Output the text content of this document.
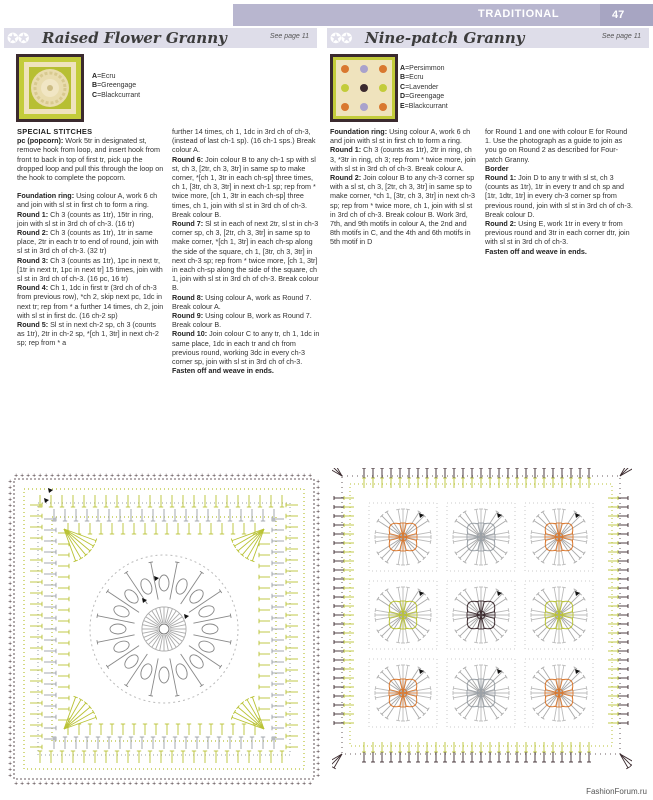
TRADITIONAL	47
✪✪ Raised Flower Granny	See page 11 ✪✪ Nine-patch Granny	See page 11
A=Ecru
B=Greengage
C=Blackcurrant
A=Persimmon
B=Ecru
C=Lavender
D=Greengage
E=Blackcurrant

SPECIAL STITCHES

pc (popcorn): Work 5tr in designated st, remove hook from loop, and insert hook from front to back in top of first tr, pick up the dropped loop and pull this through the loop on the hook to complete the popcorn.

Foundation ring: Using colour A, work 6 ch and join with sl st in first ch to form a ring.

Round 1: Ch 3 (counts as 1tr), 15tr in ring, join with sl st in 3rd ch of ch-3. (16 tr)

Round 2: Ch 3 (counts as 1tr), 1tr in same place, 2tr in each tr to end of round, join with sl st in 3rd ch of ch-3. (32 tr)

Round 3: Ch 3 (counts as 1tr), 1pc in next tr, [1tr in next tr, 1pc in next tr] 15 times, join with sl st in 3rd ch of ch-3. (16 pc, 16 tr)

Round 4: Ch 1, 1dc in first tr (3rd ch of ch-3 from previous row), *ch 2, skip next pc, 1dc in next tr; rep from * a further 14 times, ch 2, join with sl st in first dc. (16 ch-2 sp)

Round 5: Sl st in next ch-2 sp, ch 3 (counts as 1tr), 2tr in ch-2 sp, *[ch 1, 3tr] in next ch-2 sp; rep from * a

further 14 times, ch 1, 1dc in 3rd ch of ch-3, (instead of last ch-1 sp). (16 ch-1 sps.) Break colour A.

Round 6: Join colour B to any ch-1 sp with sl st, ch 3, [2tr, ch 3, 3tr] in same sp to make corner, *[ch 1, 3tr in each ch-sp] three times, ch 1, [3tr, ch 3, 3tr] in next ch-1 sp; rep from * twice more, [ch 1, 3tr in each ch-sp] three times, ch 1, join with sl st in 3rd ch of ch-3. Break colour B.

Round 7: Sl st in each of next 2tr, sl st in ch-3 corner sp, ch 3, [2tr, ch 3, 3tr] in same sp to make corner, *[ch 1, 3tr] in each ch-sp along the side of the square, ch 1, [3tr, ch 3, 3tr] in next ch-3 sp; rep from * twice more, [ch 1, 3tr] in each ch-sp along the side of the square, ch 1, join with sl st in 3rd ch of ch-3. Break colour B.

Round 8: Using colour A, work as Round 7. Break colour A.

Round 9: Using colour B, work as Round 7. Break colour B.

Round 10: Join colour C to any tr, ch 1, 1dc in same place, 1dc in each tr and ch from previous round, working 3dc in every ch-3 corner sp, join with sl st in 3rd ch of ch-3.

Fasten off and weave in ends.

Foundation ring: Using colour A, work 6 ch and join with sl st in first ch to form a ring.

Round 1: Ch 3 (counts as 1tr), 2tr in ring, ch 3, *3tr in ring, ch 3; rep from * twice more, join with sl st in 3rd ch of ch-3. Break colour A.

Round 2: Join colour B to any ch-3 corner sp with a sl st, ch 3, [2tr, ch 3, 3tr] in same sp to make corner, *ch 1, [3tr, ch 3, 3tr] in next ch-3 sp; rep from * twice more, ch 1, join with sl st in 3rd ch of ch-3. Break colour B. Work 3rd, 7th, and 9th motifs in colour A, the 2nd and 8th motifs in C, and the 4th and 6th motifs in 5th motif in D

for Round 1 and one with colour E for Round 1. Use the photograph as a guide to join as you go on Round 2 as described for Four-patch Granny.

Border

Round 1: Join D to any tr with sl st, ch 3 (counts as 1tr), 1tr in every tr and ch sp and [1tr, 1dtr, 1tr] in every ch-3 corner sp from previous round, join with sl st in 3rd ch of ch-3. Break colour D.

Round 2: Using E, work 1tr in every tr from previous round and 3tr in each corner dtr, join with sl st in 3rd ch of ch-3.

Fasten off and weave in ends.

+
+
+	+
+
+
+	+
+
+
+	+
+
+
+	+
+
+
+	+
+
+
+	+
+
+
+	+
+
+
+	+
+
+
+	+
+
+
+	+
+
+
+	+
+
+
+	+
+
+
+	+
+
+
+	+
+
+
+	+
+
+
+	+
+
+
+	+
+
+
+	+
+
+
+	+
+
+
+	+
+
+
+	+
+
+
+	+
+
+
+	+
+
+
+	+
+
+
+	+
+
+
+	+
+
+
+	+
+
+
+	+
+
+
+	+
+
+
+	+
+
+
+	+
+
+
+	+
+
+
+	+
+
+
+	+
+
+
+	+
+
+
+	+
+
+
+	+
+
+
+	+
+
+
+	+
+
+
+	+
+
+
+	+
+
+
+	+
+
+
+	+
+
+
+	+
+
+
+	+
+
+
+	+
+
+
+	+
+
+
+	+
+
+
+	+
+
+
+	+
FashionForum.ru
